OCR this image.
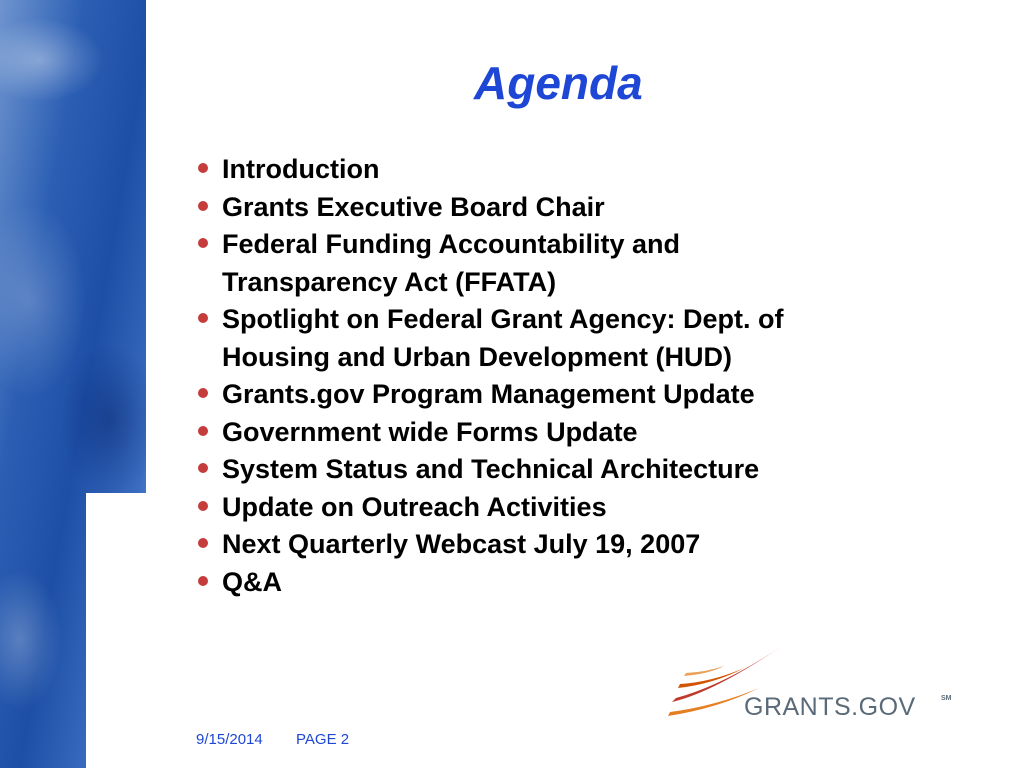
Agenda
Introduction
Grants Executive Board Chair
Federal Funding Accountability and
Transparency Act (FFATA)
Spotlight on Federal Grant Agency: Dept. of
Housing and Urban Development (HUD)
Grants.gov Program Management Update
Government wide Forms Update
System Status and Technical Architecture
Update on Outreach Activities
Next Quarterly Webcast July 19, 2007
Q&A
GRANTS.GOV	SM
9/15/2014 PAGE 2
